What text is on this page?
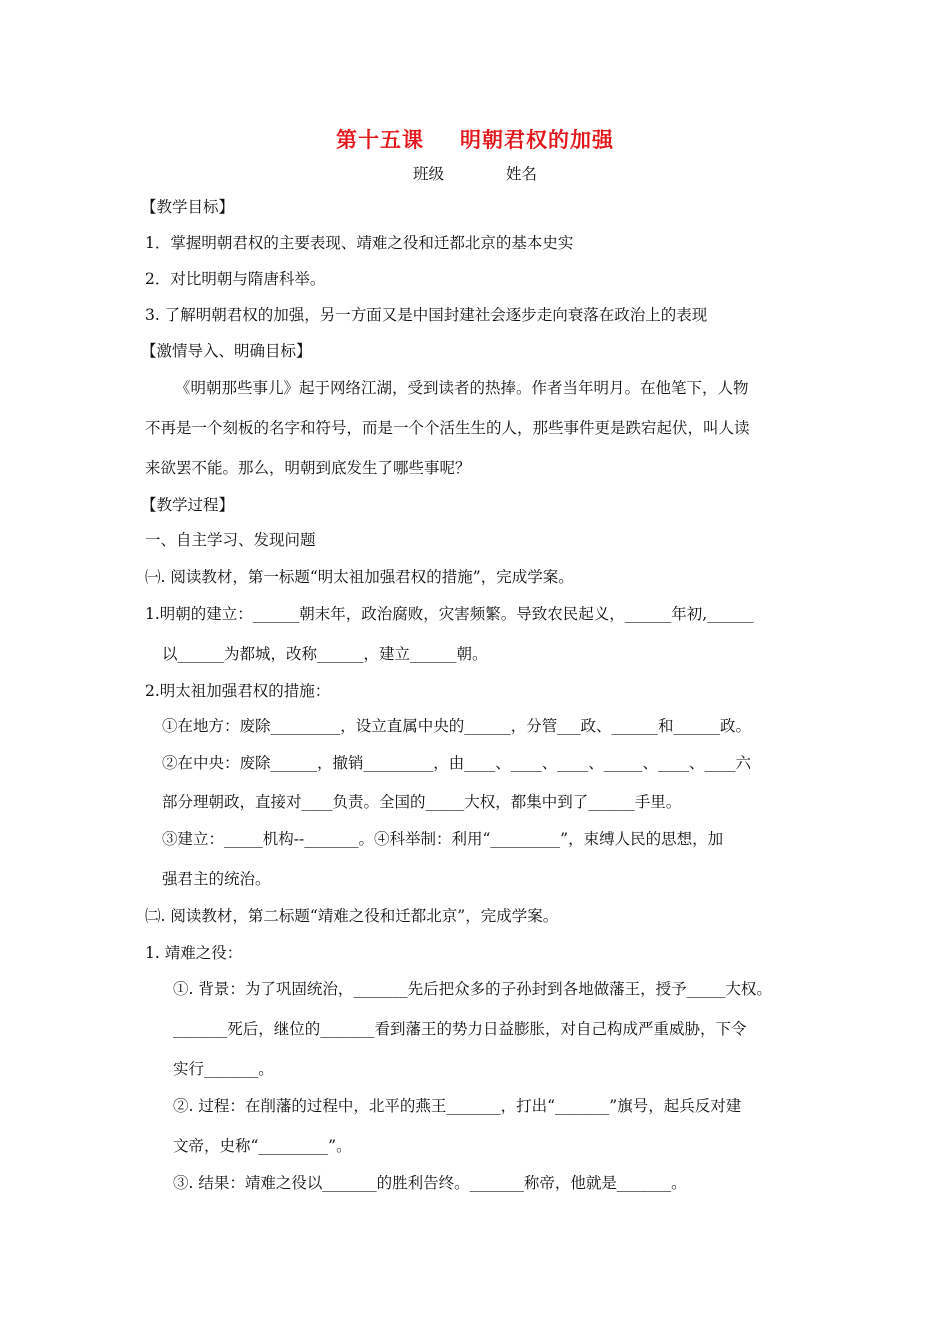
第十五课 明朝君权的加强
班级	姓名
【教学目标】
1．掌握明朝君权的主要表现、靖难之役和迁都北京的基本史实
2．对比明朝与隋唐科举。
3. 了解明朝君权的加强，另一方面又是中国封建社会逐步走向衰落在政治上的表现
【激情导入、明确目标】
《明朝那些事儿》起于网络江湖，受到读者的热捧。作者当年明月。在他笔下，人物
不再是一个刻板的名字和符号，而是一个个活生生的人，那些事件更是跌宕起伏，叫人读
来欲罢不能。那么，明朝到底发生了哪些事呢？
【教学过程】
一、自主学习、发现问题
㈠. 阅读教材，第一标题“明太祖加强君权的措施”，完成学案。
1.明朝的建立：______朝末年，政治腐败，灾害频繁。导致农民起义，______年初,______
以______为都城，改称______，建立______朝。
2.明太祖加强君权的措施：
①在地方：废除_________，设立直属中央的______，分管___政、______和______政。
②在中央：废除______，撤销_________，由____、____、____、_____、____、____六
部分理朝政，直接对____负责。全国的_____大权，都集中到了______手里。
③建立：_____机构--_______。④科举制：利用“_________”，束缚人民的思想，加
强君主的统治。
㈡. 阅读教材，第二标题“靖难之役和迁都北京”，完成学案。
1. 靖难之役：
①. 背景：为了巩固统治，_______先后把众多的子孙封到各地做藩王，授予_____大权。
_______死后，继位的_______看到藩王的势力日益膨胀，对自己构成严重威胁，下令
实行_______。
②. 过程：在削藩的过程中，北平的燕王_______，打出“_______”旗号，起兵反对建
文帝，史称“_________”。
③. 结果：靖难之役以_______的胜利告终。_______称帝，他就是_______。
